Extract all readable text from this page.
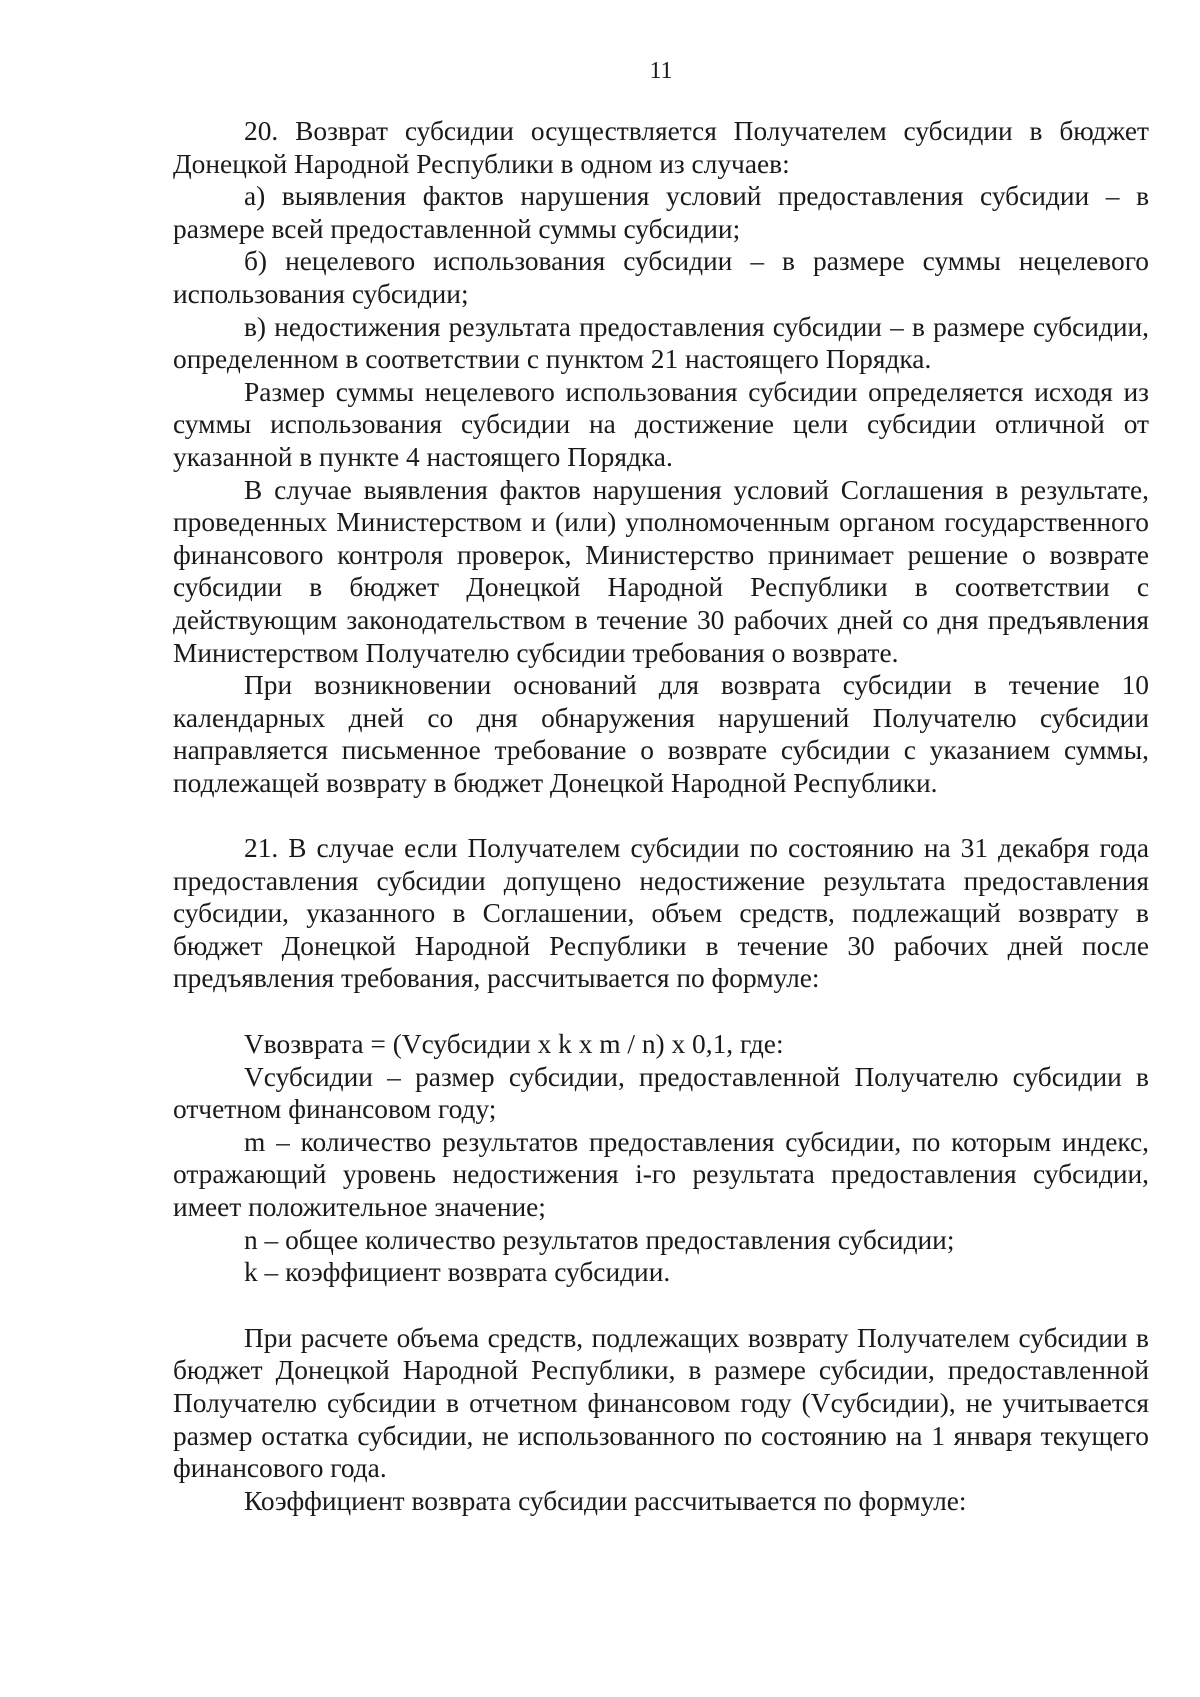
11

20. Возврат субсидии осуществляется Получателем субсидии в бюджет Донецкой Народной Республики в одном из случаев:

а) выявления фактов нарушения условий предоставления субсидии – в размере всей предоставленной суммы субсидии;

б) нецелевого использования субсидии – в размере суммы нецелевого использования субсидии;

в) недостижения результата предоставления субсидии – в размере субсидии, определенном в соответствии с пунктом 21 настоящего Порядка.

Размер суммы нецелевого использования субсидии определяется исходя из суммы использования субсидии на достижение цели субсидии отличной от указанной в пункте 4 настоящего Порядка.

В случае выявления фактов нарушения условий Соглашения в результате, проведенных Министерством и (или) уполномоченным органом государственного финансового контроля проверок, Министерство принимает решение о возврате субсидии в бюджет Донецкой Народной Республики в соответствии с действующим законодательством в течение 30 рабочих дней со дня предъявления Министерством Получателю субсидии требования о возврате.

При возникновении оснований для возврата субсидии в течение 10 календарных дней со дня обнаружения нарушений Получателю субсидии направляется письменное требование о возврате субсидии с указанием суммы, подлежащей возврату в бюджет Донецкой Народной Республики.

21. В случае если Получателем субсидии по состоянию на 31 декабря года предоставления субсидии допущено недостижение результата предоставления субсидии, указанного в Соглашении, объем средств, подлежащий возврату в бюджет Донецкой Народной Республики в течение 30 рабочих дней после предъявления требования, рассчитывается по формуле:

Vвозврата = (Vсубсидии x k x m / n) x 0,1, где:

Vсубсидии – размер субсидии, предоставленной Получателю субсидии в отчетном финансовом году;

m – количество результатов предоставления субсидии, по которым индекс, отражающий уровень недостижения i-го результата предоставления субсидии, имеет положительное значение;

n – общее количество результатов предоставления субсидии;

k – коэффициент возврата субсидии.

При расчете объема средств, подлежащих возврату Получателем субсидии в бюджет Донецкой Народной Республики, в размере субсидии, предоставленной Получателю субсидии в отчетном финансовом году (Vсубсидии), не учитывается размер остатка субсидии, не использованного по состоянию на 1 января текущего финансового года.

Коэффициент возврата субсидии рассчитывается по формуле:
